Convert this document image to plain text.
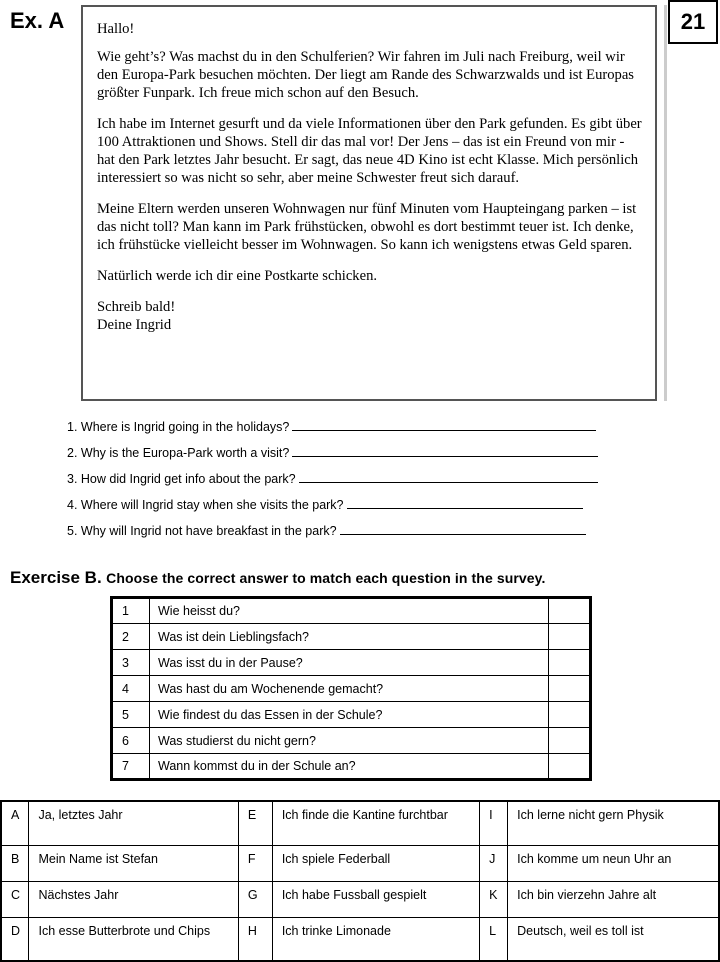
Ex. A	21

Hallo!

Wie geht’s? Was machst du in den Schulferien? Wir fahren im Juli nach Freiburg, weil wir den Europa-Park besuchen möchten. Der liegt am Rande des Schwarzwalds und ist Europas größter Funpark. Ich freue mich schon auf den Besuch.

Ich habe im Internet gesurft und da viele Informationen über den Park gefunden. Es gibt über 100 Attraktionen und Shows. Stell dir das mal vor! Der Jens – das ist ein Freund von mir - hat den Park letztes Jahr besucht. Er sagt, das neue 4D Kino ist echt Klasse. Mich persönlich interessiert so was nicht so sehr, aber meine Schwester freut sich darauf.

Meine Eltern werden unseren Wohnwagen nur fünf Minuten vom Haupteingang parken – ist das nicht toll? Man kann im Park frühstücken, obwohl es dort bestimmt teuer ist. Ich denke, ich frühstücke vielleicht besser im Wohnwagen. So kann ich wenigstens etwas Geld sparen.

Natürlich werde ich dir eine Postkarte schicken.

Schreib bald!

Deine Ingrid

1. Where is Ingrid going in the holidays?
2. Why is the Europa-Park worth a visit?
3. How did Ingrid get info about the park?
4. Where will Ingrid stay when she visits the park?
5. Why will Ingrid not have breakfast in the park?
Exercise B. Choose the correct answer to match each question in the survey.
1	Wie heisst du?	
2	Was ist dein Lieblingsfach?	
3	Was isst du in der Pause?	
4	Was hast du am Wochenende gemacht?	
5	Wie findest du das Essen in der Schule?	
6	Was studierst du nicht gern?	
7	Wann kommst du in der Schule an?	
A	Ja, letztes Jahr	E	Ich finde die Kantine furchtbar	I	Ich lerne nicht gern Physik
B	Mein Name ist Stefan	F	Ich spiele Federball	J	Ich komme um neun Uhr an
C	Nächstes Jahr	G	Ich habe Fussball gespielt	K	Ich bin vierzehn Jahre alt
D	Ich esse Butterbrote und Chips	H	Ich trinke Limonade	L	Deutsch, weil es toll ist
